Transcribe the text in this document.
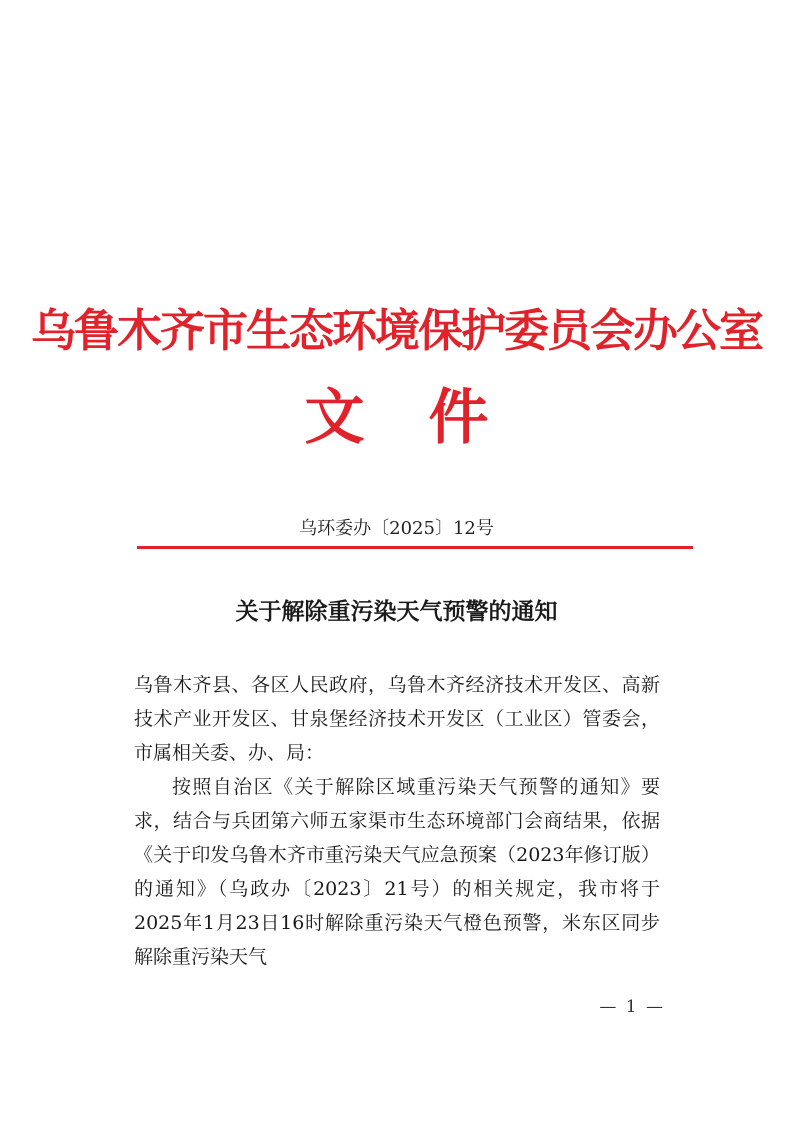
乌鲁木齐市生态环境保护委员会办公室
文 件
乌环委办〔2025〕12号
关于解除重污染天气预警的通知

乌鲁木齐县、各区人民政府，乌鲁木齐经济技术开发区、高新技术产业开发区、甘泉堡经济技术开发区（工业区）管委会，市属相关委、办、局：

按照自治区《关于解除区域重污染天气预警的通知》要求，结合与兵团第六师五家渠市生态环境部门会商结果，依据《关于印发乌鲁木齐市重污染天气应急预案（2023年修订版）的通知》（乌政办〔2023〕21号）的相关规定，我市将于2025年1月23日16时解除重污染天气橙色预警，米东区同步解除重污染天气

— 1 —
